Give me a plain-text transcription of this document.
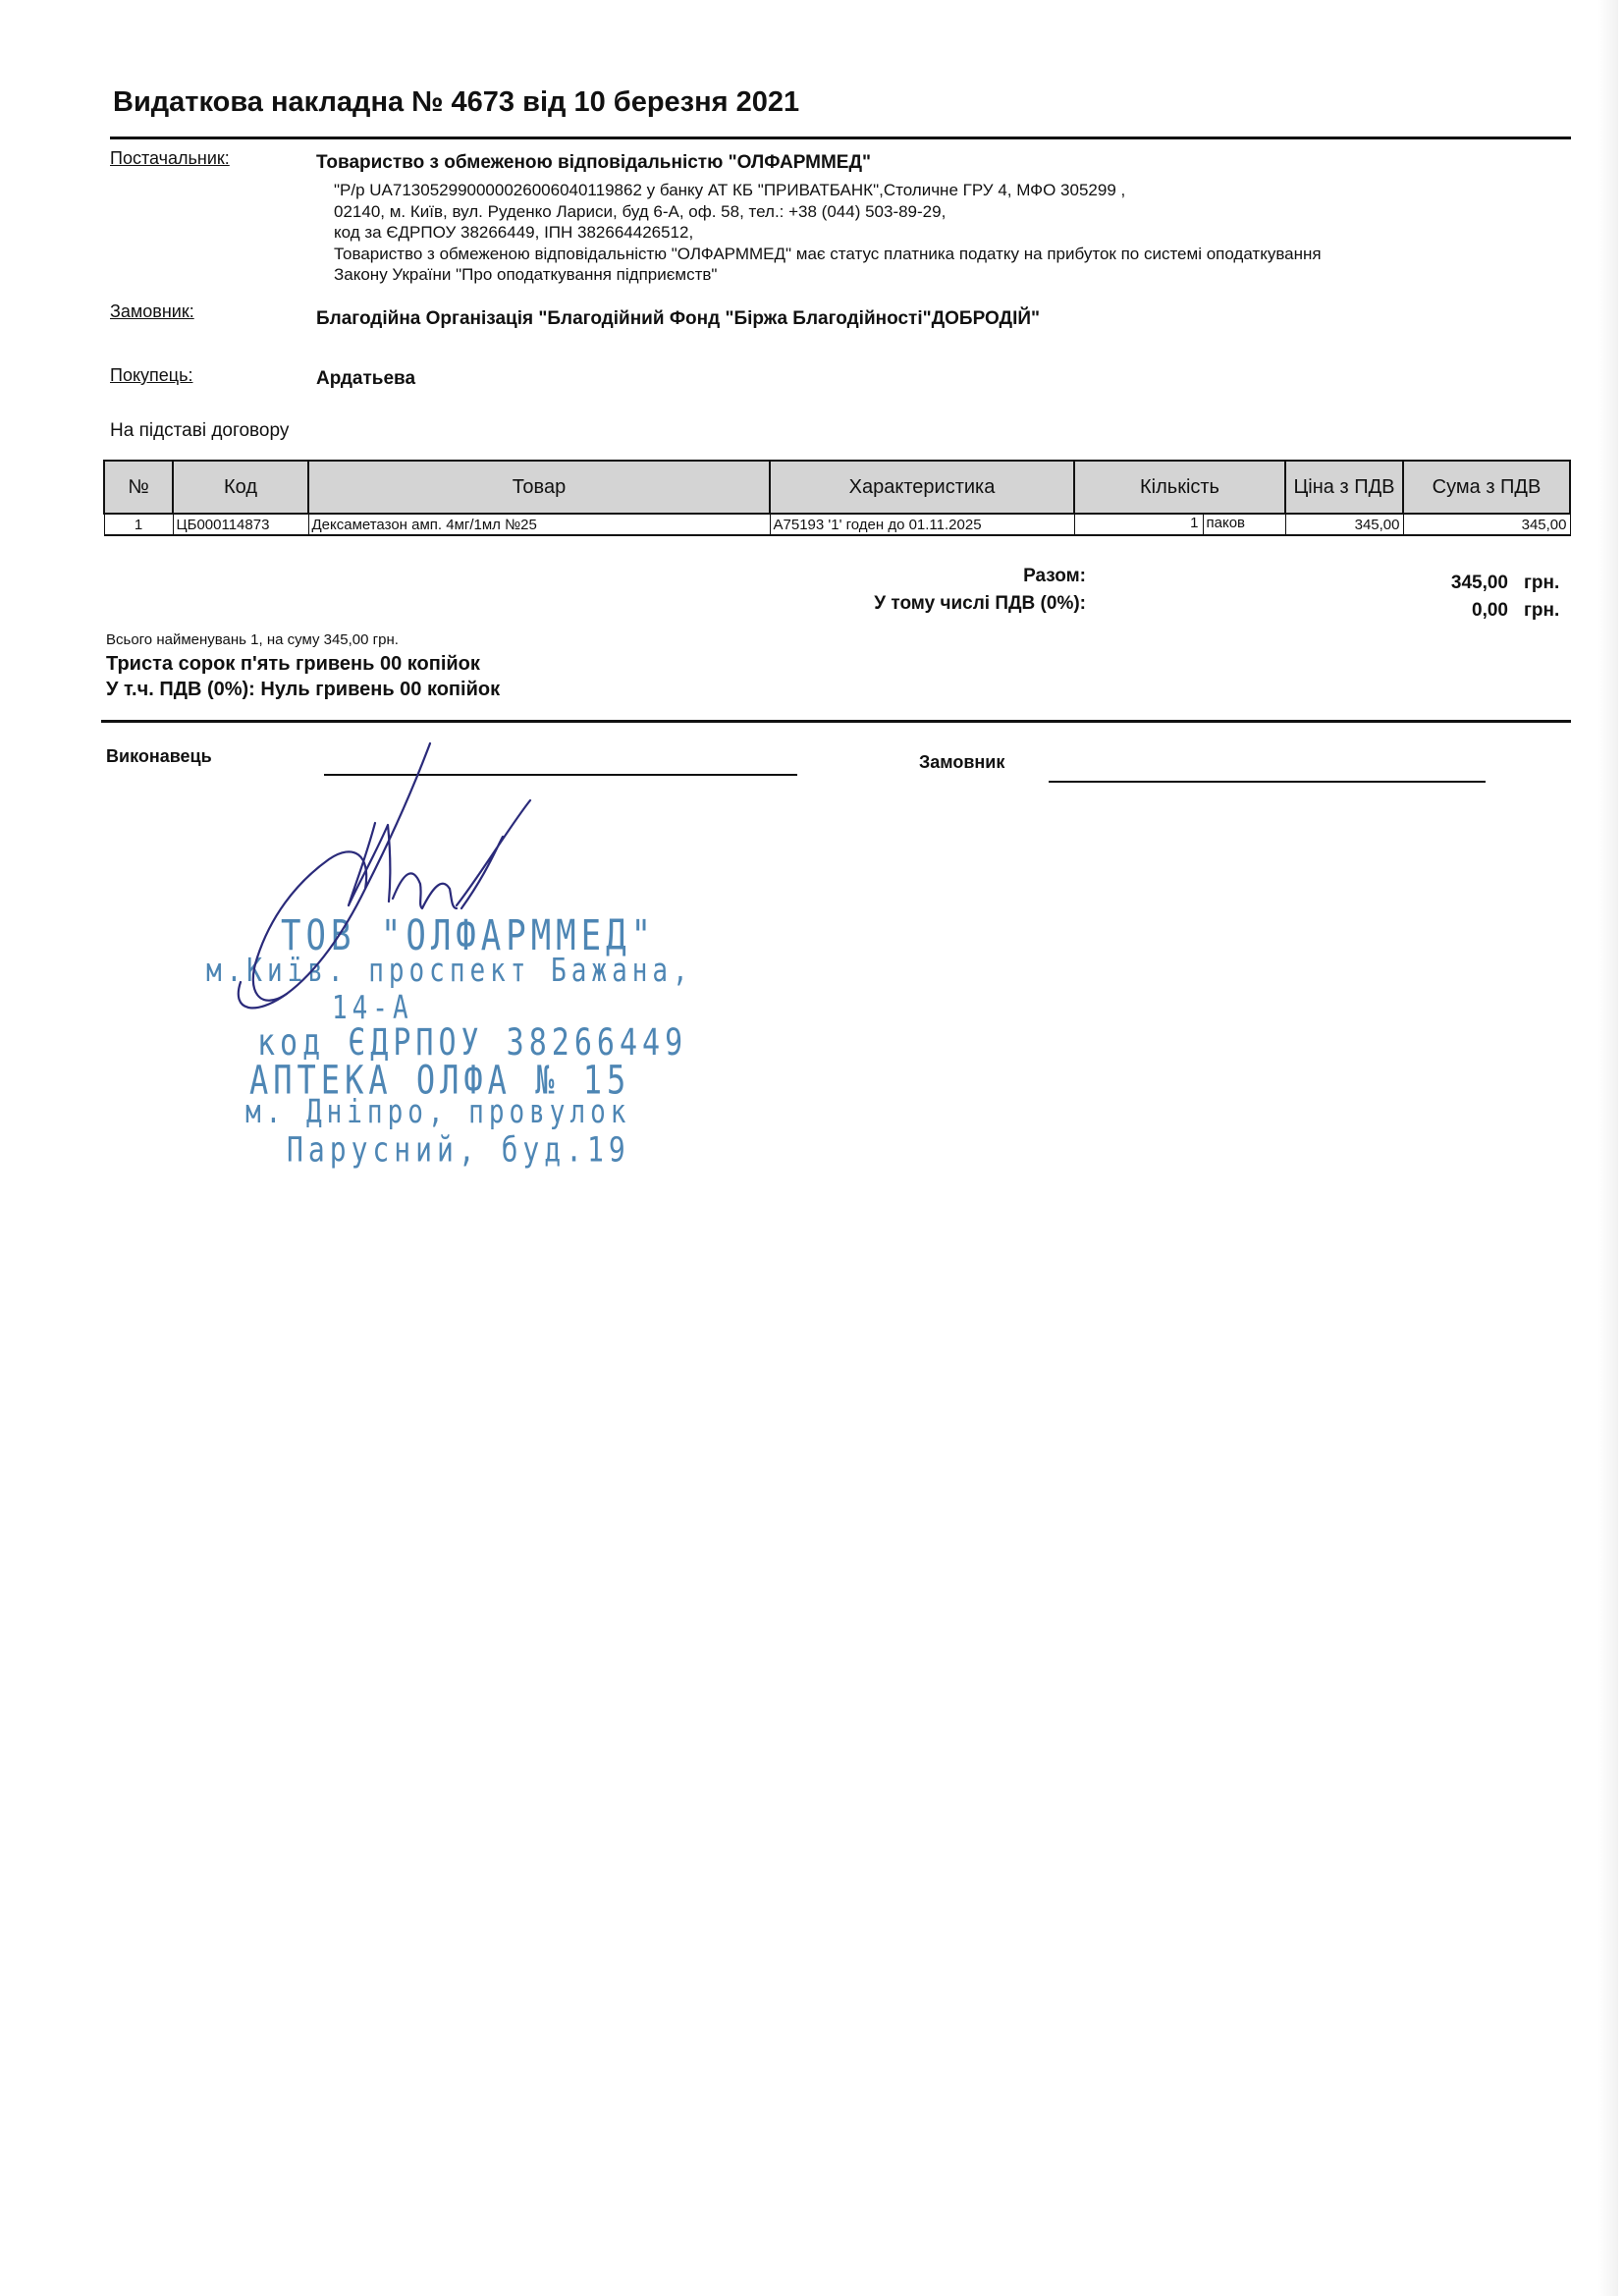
Видаткова накладна № 4673 від 10 березня 2021
Постачальник:	Товариство з обмеженою відповідальністю "ОЛФАРММЕД"
"Р/р UA713052990000026006040119862 у банку АТ КБ "ПРИВАТБАНК",Столичне ГРУ 4, МФО 305299 ,
02140, м. Київ, вул. Руденко Лариси, буд 6-А, оф. 58, тел.: +38 (044) 503-89-29,
код за ЄДРПОУ 38266449, ІПН 382664426512,
Товариство з обмеженою відповідальністю "ОЛФАРММЕД" має статус платника податку на прибуток по системі оподаткування
Закону України "Про оподаткування підприємств"
Замовник:	Благодійна Організація "Благодійний Фонд "Біржа Благодійності"ДОБРОДІЙ"
Покупець:	Ардатьева
На підставі договору
№	Код	Товар	Характеристика	Кількість	Ціна з ПДВ	Сума з ПДВ
1	ЦБ000114873	Дексаметазон амп. 4мг/1мл №25	А75193 '1' годен до 01.11.2025	1 паков	345,00	345,00
Разом:	345,00 грн.
У тому числі ПДВ (0%):	0,00 грн.
Всього найменувань 1, на суму 345,00 грн.
Триста сорок п'ять гривень 00 копійок
У т.ч. ПДВ (0%): Нуль гривень 00 копійок
Виконавець	Замовник
ТОВ "ОЛФАРММЕД"
м.Київ. проспект Бажана,
14-А
код ЄДРПОУ 38266449
АПТЕКА ОЛФА № 15
м. Дніпро, провулок
Парусний, буд.19
